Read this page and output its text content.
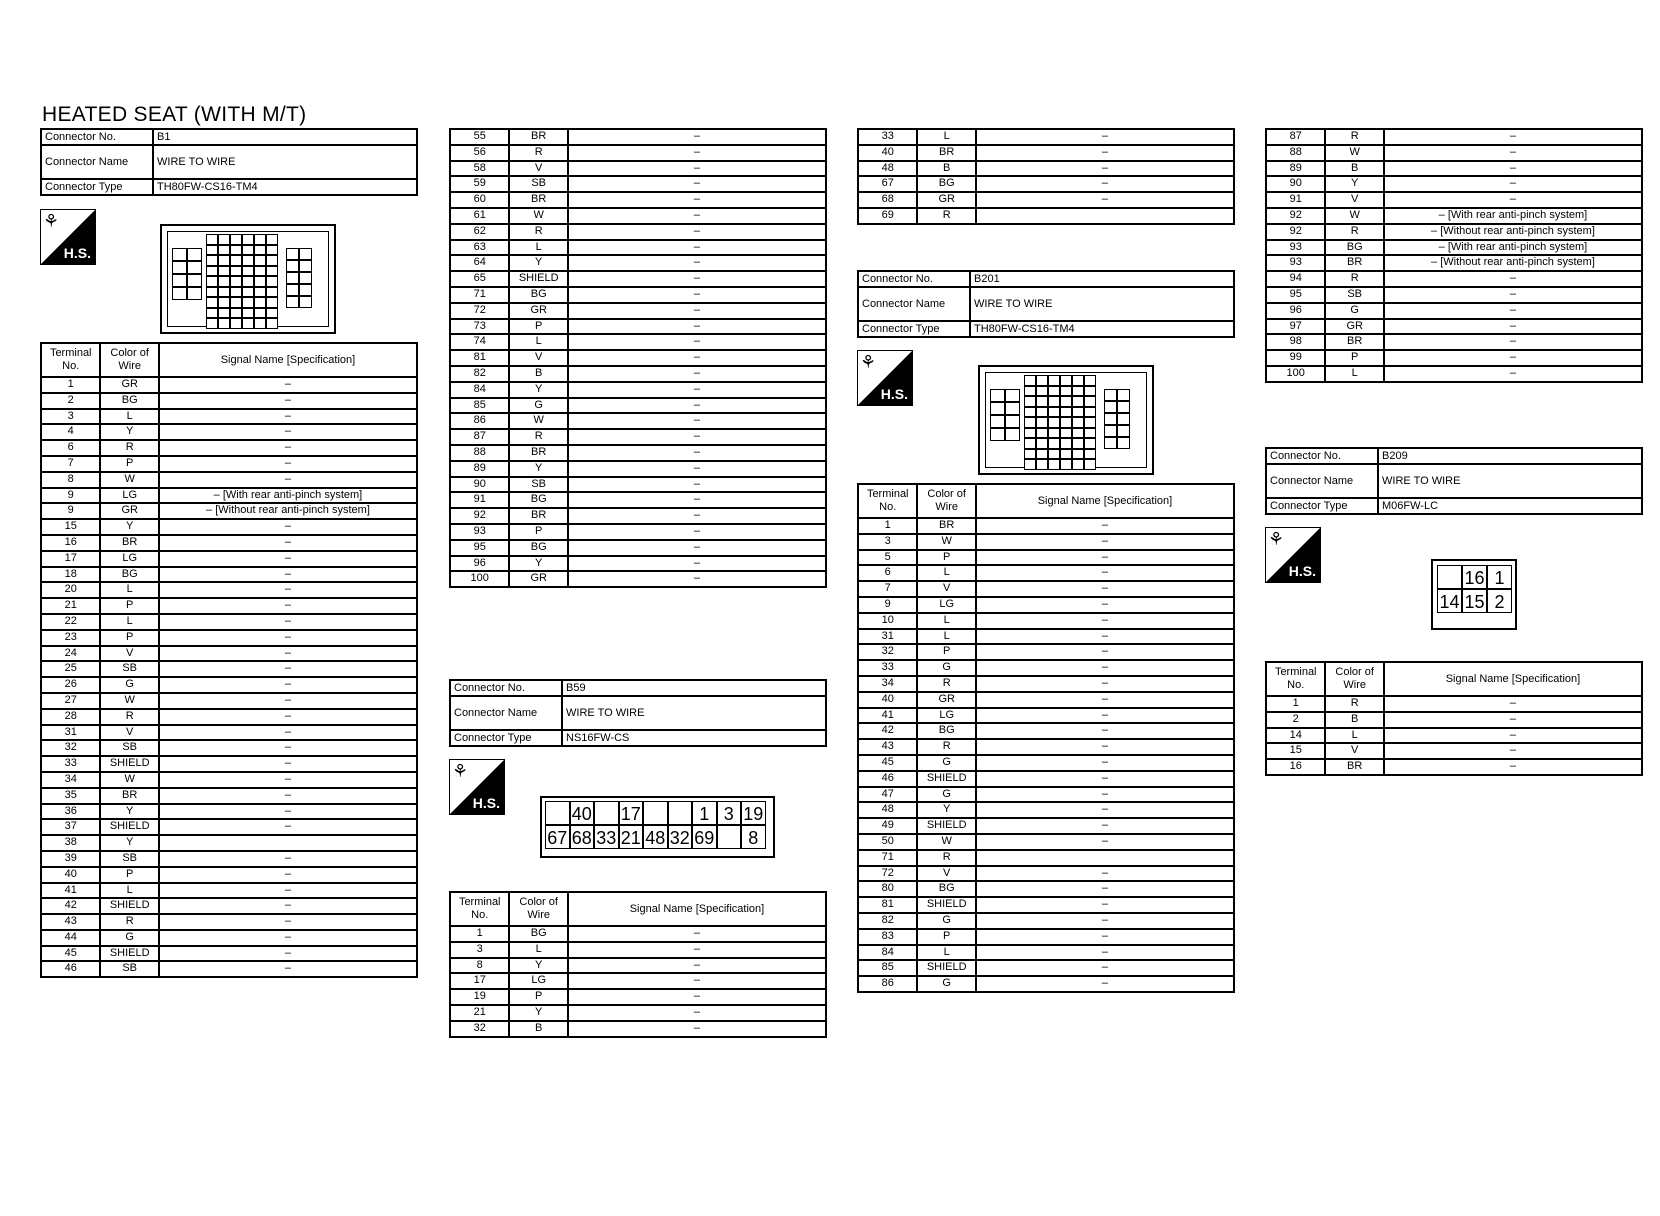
HEATED SEAT (WITH M/T)
Connector No.	B1
Connector Name	WIRE TO WIRE
Connector Type	TH80FW-CS16-TM4
⚘
H.S.
Terminal No.	Color of Wire	Signal Name [Specification]
1	GR	–
2	BG	–
3	L	–
4	Y	–
6	R	–
7	P	–
8	W	–
9	LG	– [With rear anti-pinch system]
9	GR	– [Without rear anti-pinch system]
15	Y	–
16	BR	–
17	LG	–
18	BG	–
20	L	–
21	P	–
22	L	–
23	P	–
24	V	–
25	SB	–
26	G	–
27	W	–
28	R	–
31	V	–
32	SB	–
33	SHIELD	–
34	W	–
35	BR	–
36	Y	–
37	SHIELD	–
38	Y	
39	SB	–
40	P	–
41	L	–
42	SHIELD	–
43	R	–
44	G	–
45	SHIELD	–
46	SB	–
55	BR	–
56	R	–
58	V	–
59	SB	–
60	BR	–
61	W	–
62	R	–
63	L	–
64	Y	–
65	SHIELD	–
71	BG	–
72	GR	–
73	P	–
74	L	–
81	V	–
82	B	–
84	Y	–
85	G	–
86	W	–
87	R	–
88	BR	–
89	Y	–
90	SB	–
91	BG	–
92	BR	–
93	P	–
95	BG	–
96	Y	–
100	GR	–
Connector No.	B59
Connector Name	WIRE TO WIRE
Connector Type	NS16FW-CS
⚘
H.S.
40 17	1 3 19
67 68 33 21 48 32 69	8
Terminal No.	Color of Wire	Signal Name [Specification]
1	BG	–
3	L	–
8	Y	–
17	LG	–
19	P	–
21	Y	–
32	B	–
33	L	–
40	BR	–
48	B	–
67	BG	–
68	GR	–
69	R	
Connector No.	B201
Connector Name	WIRE TO WIRE
Connector Type	TH80FW-CS16-TM4
⚘
H.S.
Terminal No.	Color of Wire	Signal Name [Specification]
1	BR	–
3	W	–
5	P	–
6	L	–
7	V	–
9	LG	–
10	L	–
31	L	–
32	P	–
33	G	–
34	R	–
40	GR	–
41	LG	–
42	BG	–
43	R	–
45	G	–
46	SHIELD	–
47	G	–
48	Y	–
49	SHIELD	–
50	W	–
71	R	
72	V	–
80	BG	–
81	SHIELD	–
82	G	–
83	P	–
84	L	–
85	SHIELD	–
86	G	–
87	R	–
88	W	–
89	B	–
90	Y	–
91	V	–
92	W	– [With rear anti-pinch system]
92	R	– [Without rear anti-pinch system]
93	BG	– [With rear anti-pinch system]
93	BR	– [Without rear anti-pinch system]
94	R	–
95	SB	–
96	G	–
97	GR	–
98	BR	–
99	P	–
100	L	–
Connector No.	B209
Connector Name	WIRE TO WIRE
Connector Type	M06FW-LC
⚘
H.S.	16 1
14 15 2
Terminal No.	Color of Wire	Signal Name [Specification]
1	R	–
2	B	–
14	L	–
15	V	–
16	BR	–
